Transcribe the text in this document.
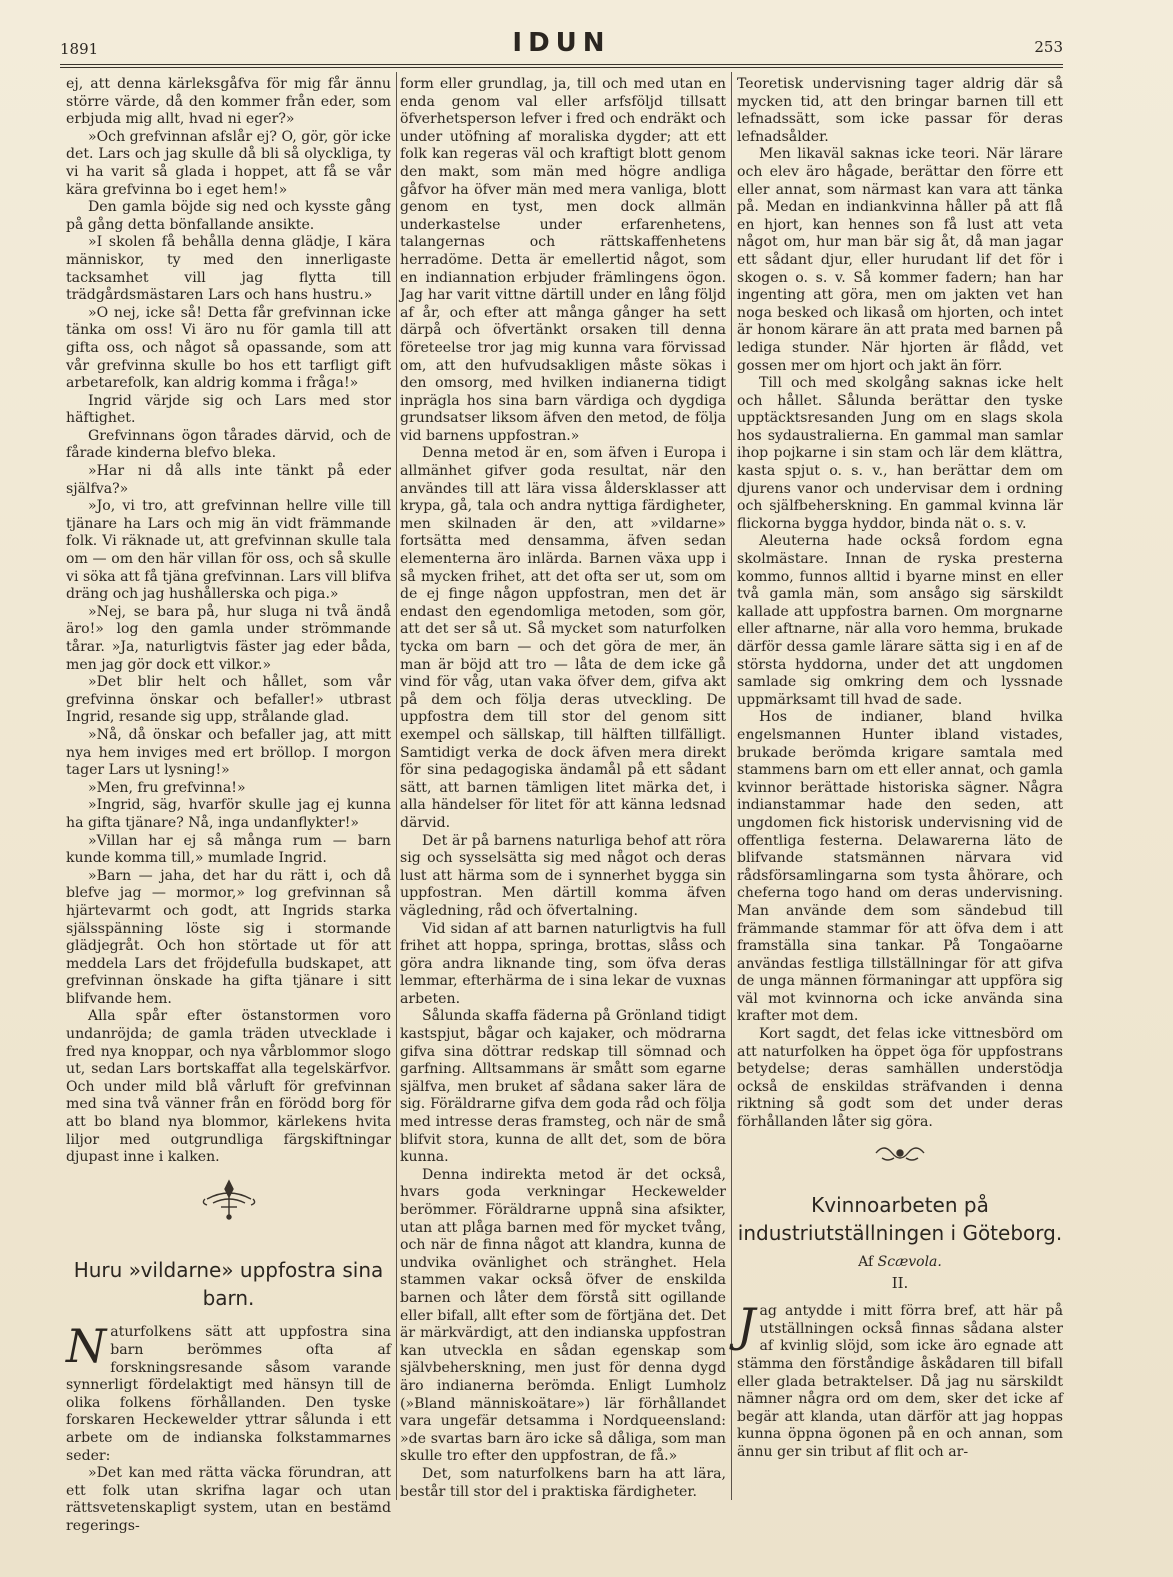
1891	IDUN	253

ej, att denna kärleksgåfva för mig får ännu större värde, då den kommer från eder, som erbjuda mig allt, hvad ni eger?»

»Och grefvinnan afslår ej? O, gör, gör icke det. Lars och jag skulle då bli så olyckliga, ty vi ha varit så glada i hoppet, att få se vår kära grefvinna bo i eget hem!»

Den gamla böjde sig ned och kysste gång på gång detta bönfallande ansikte.

»I skolen få behålla denna glädje, I kära människor, ty med den innerligaste tacksamhet vill jag flytta till trädgårdsmästaren Lars och hans hustru.»

»O nej, icke så! Detta får grefvinnan icke tänka om oss! Vi äro nu för gamla till att gifta oss, och något så opassande, som att vår grefvinna skulle bo hos ett tarfligt gift arbetarefolk, kan aldrig komma i fråga!»

Ingrid värjde sig och Lars med stor häftighet.

Grefvinnans ögon tårades därvid, och de fårade kinderna blefvo bleka.

»Har ni då alls inte tänkt på eder själfva?»

»Jo, vi tro, att grefvinnan hellre ville till tjänare ha Lars och mig än vidt främmande folk. Vi räknade ut, att grefvinnan skulle tala om — om den här villan för oss, och så skulle vi söka att få tjäna grefvinnan. Lars vill blifva dräng och jag hushållerska och piga.»

»Nej, se bara på, hur sluga ni två ändå äro!» log den gamla under strömmande tårar. »Ja, naturligtvis fäster jag eder båda, men jag gör dock ett vilkor.»

»Det blir helt och hållet, som vår grefvinna önskar och befaller!» utbrast Ingrid, resande sig upp, strålande glad.

»Nå, då önskar och befaller jag, att mitt nya hem inviges med ert bröllop. I morgon tager Lars ut lysning!»

»Men, fru grefvinna!»

»Ingrid, säg, hvarför skulle jag ej kunna ha gifta tjänare? Nå, inga undanflykter!»

»Villan har ej så många rum — barn kunde komma till,» mumlade Ingrid.

»Barn — jaha, det har du rätt i, och då blefve jag — mormor,» log grefvinnan så hjärtevarmt och godt, att Ingrids starka själsspänning löste sig i stormande glädjegråt. Och hon störtade ut för att meddela Lars det fröjdefulla budskapet, att grefvinnan önskade ha gifta tjänare i sitt blifvande hem.

Alla spår efter östanstormen voro undanröjda; de gamla träden utvecklade i fred nya knoppar, och nya vårblommor slogo ut, sedan Lars bortskaffat alla tegelskärfvor. Och under mild blå vårluft för grefvinnan med sina två vänner från en förödd borg för att bo bland nya blommor, kärlekens hvita liljor med outgrundliga färgskiftningar djupast inne i kalken.

Huru »vildarne» uppfostra sina barn.

Naturfolkens sätt att uppfostra sina barn berömmes ofta af forskningsresande såsom varande synnerligt fördelaktigt med hänsyn till de olika folkens förhållanden. Den tyske forskaren Heckewelder yttrar sålunda i ett arbete om de indianska folkstammarnes seder:

»Det kan med rätta väcka förundran, att ett folk utan skrifna lagar och utan rättsvetenskapligt system, utan en bestämd regerings-

form eller grundlag, ja, till och med utan en enda genom val eller arfsföljd tillsatt öfverhetsperson lefver i fred och endräkt och under utöfning af moraliska dygder; att ett folk kan regeras väl och kraftigt blott genom den makt, som män med högre andliga gåfvor ha öfver män med mera vanliga, blott genom en tyst, men dock allmän underkastelse under erfarenhetens, talangernas och rättskaffenhetens herradöme. Detta är emellertid något, som en indiannation erbjuder främlingens ögon. Jag har varit vittne därtill under en lång följd af år, och efter att många gånger ha sett därpå och öfvertänkt orsaken till denna företeelse tror jag mig kunna vara förvissad om, att den hufvudsakligen måste sökas i den omsorg, med hvilken indianerna tidigt inpräglа hos sina barn värdiga och dygdiga grundsatser liksom äfven den metod, de följa vid barnens uppfostran.»

Denna metod är en, som äfven i Europa i allmänhet gifver goda resultat, när den användes till att lära vissa åldersklasser att krypa, gå, tala och andra nyttiga färdigheter, men skilnaden är den, att »vildarne» fortsätta med densamma, äfven sedan elementerna äro inlärda. Barnen växa upp i så mycken frihet, att det ofta ser ut, som om de ej finge någon uppfostran, men det är endast den egendomliga metoden, som gör, att det ser så ut. Så mycket som naturfolken tycka om barn — och det göra de mer, än man är böjd att tro — låta de dem icke gå vind för våg, utan vaka öfver dem, gifva akt på dem och följa deras utveckling. De uppfostra dem till stor del genom sitt exempel och sällskap, till hälften tillfälligt. Samtidigt verka de dock äfven mera direkt för sina pedagogiska ändamål på ett sådant sätt, att barnen tämligen litet märka det, i alla händelser för litet för att känna ledsnad därvid.

Det är på barnens naturliga behof att röra sig och sysselsätta sig med något och deras lust att härma som de i synnerhet bygga sin uppfostran. Men därtill komma äfven vägledning, råd och öfvertalning.

Vid sidan af att barnen naturligtvis ha full frihet att hoppa, springa, brottas, slåss och göra andra liknande ting, som öfva deras lemmar, efterhärma de i sina lekar de vuxnas arbeten.

Sålunda skaffa fäderna på Grönland tidigt kastspjut, bågar och kajaker, och mödrarna gifva sina döttrar redskap till sömnad och garfning. Alltsammans är smått som egarne själfva, men bruket af sådana saker lära de sig. Föräldrarne gifva dem goda råd och följa med intresse deras framsteg, och när de små blifvit stora, kunna de allt det, som de böra kunna.

Denna indirekta metod är det också, hvars goda verkningar Heckewelder berömmer. Föräldrarne uppnå sina afsikter, utan att plåga barnen med för mycket tvång, och när de finna något att klandra, kunna de undvika ovänlighet och stränghet. Hela stammen vakar också öfver de enskilda barnen och låter dem förstå sitt ogillande eller bifall, allt efter som de förtjäna det. Det är märkvärdigt, att den indianska uppfostran kan utveckla en sådan egenskap som självbeherskning, men just för denna dygd äro indianerna berömda. Enligt Lumholz (»Bland människoätare») lär förhållandet vara ungefär detsamma i Nordqueensland: »de svartas barn äro icke så dåliga, som man skulle tro efter den uppfostran, de få.»

Det, som naturfolkens barn ha att lära, består till stor del i praktiska färdigheter.

Teoretisk undervisning tager aldrig där så mycken tid, att den bringar barnen till ett lefnadssätt, som icke passar för deras lefnadsålder.

Men likaväl saknas icke teori. När lärare och elev äro hågade, berättar den förre ett eller annat, som närmast kan vara att tänka på. Medan en indiankvinna håller på att flå en hjort, kan hennes son få lust att veta något om, hur man bär sig åt, då man jagar ett sådant djur, eller hurudant lif det för i skogen o. s. v. Så kommer fadern; han har ingenting att göra, men om jakten vet han noga besked och likaså om hjorten, och intet är honom kärare än att prata med barnen på lediga stunder. När hjorten är flådd, vet gossen mer om hjort och jakt än förr.

Till och med skolgång saknas icke helt och hållet. Sålunda berättar den tyske upptäcktsresanden Jung om en slags skola hos sydaustralierna. En gammal man samlar ihop pojkarne i sin stam och lär dem klättra, kasta spjut o. s. v., han berättar dem om djurens vanor och undervisar dem i ordning och själfbeherskning. En gammal kvinna lär flickorna bygga hyddor, binda nät o. s. v.

Aleuterna hade också fordom egna skolmästare. Innan de ryska presterna kommo, funnos alltid i byarne minst en eller två gamla män, som ansågo sig särskildt kallade att uppfostra barnen. Om morgnarne eller aftnarne, när alla voro hemma, brukade därför dessa gamle lärare sätta sig i en af de största hyddorna, under det att ungdomen samlade sig omkring dem och lyssnade uppmärksamt till hvad de sade.

Hos de indianer, bland hvilka engelsmannen Hunter ibland vistades, brukade berömda krigare samtala med stammens barn om ett eller annat, och gamla kvinnor berättade historiska sägner. Några indianstammar hade den seden, att ungdomen fick historisk undervisning vid de offentliga festerna. Delawarerna läto de blifvande statsmännen närvara vid rådsförsamlingarna som tysta åhörare, och cheferna togo hand om deras undervisning. Man använde dem som sändebud till främmande stammar för att öfva dem i att framställa sina tankar. På Tongaöarne användas festliga tillställningar för att gifva de unga männen förmaningar att uppföra sig väl mot kvinnorna och icke använda sina krafter mot dem.

Kort sagdt, det felas icke vittnesbörd om att naturfolken ha öppet öga för uppfostrans betydelse; deras samhällen understödja också de enskildas sträfvanden i denna riktning så godt som det under deras förhållanden låter sig göra.

Kvinnoarbeten på industriutställningen i Göteborg.
Af Scævola.
II.

Jag antydde i mitt förra bref, att här på utställningen också finnas sådana alster af kvinlig slöjd, som icke äro egnade att stämma den förståndige åskådaren till bifall eller glada betraktelser. Då jag nu särskildt nämner några ord om dem, sker det icke af begär att klanda, utan därför att jag hoppas kunna öppna ögonen på en och annan, som ännu ger sin tribut af flit och ar-
